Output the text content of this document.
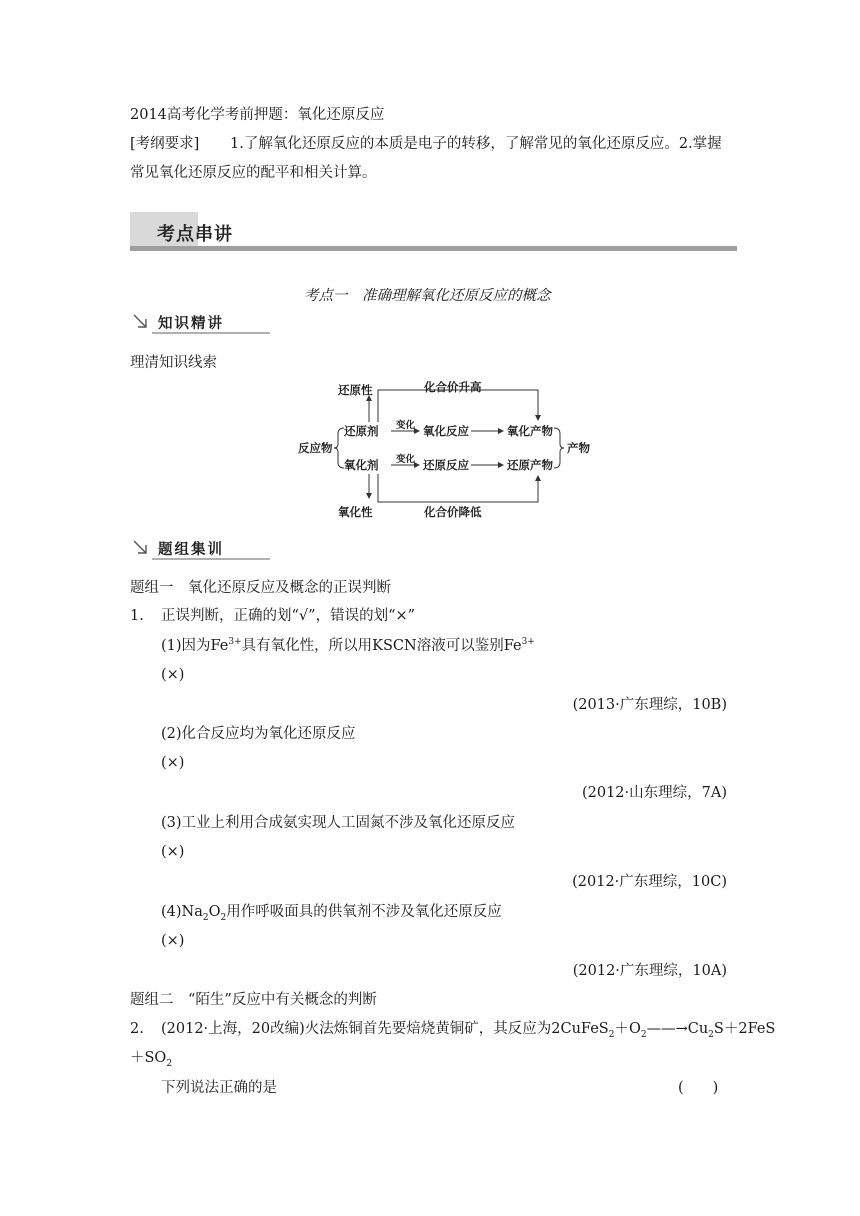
2014高考化学考前押题：氧化还原反应
[考纲要求] 1.了解氧化还原反应的本质是电子的转移，了解常见的氧化还原反应。2.掌握
常见氧化还原反应的配平和相关计算。
考点串讲
考点一　准确理解氧化还原反应的概念
知识精讲
理清知识线索
还原性	化合价升高
反应物
还原剂 变化 氧化反应	氧化产物
产物
氧化剂 变化 还原反应	还原产物
氧化性	化合价降低
题组集训
题组一　氧化还原反应及概念的正误判断
1. 正误判断，正确的划“√”，错误的划“×”
(1)因为$Fe^{3+}$具有氧化性，所以用KSCN溶液可以鉴别$Fe^{3+}$
(×)
(2013·广东理综，10B)
(2)化合反应均为氧化还原反应
(×)
(2012·山东理综，7A)
(3)工业上利用合成氨实现人工固氮不涉及氧化还原反应
(×)
(2012·广东理综，10C)
$(4)Na_2O_2$用作呼吸面具的供氧剂不涉及氧化还原反应
(×)
(2012·广东理综，10A)
题组二　“陌生”反应中有关概念的判断
2. (2012·上海，20改编)火法炼铜首先要焙烧黄铜矿，其反应为$2CuFeS_2+O_2——\to Cu_2S+2FeS$
$+SO_2$
下列说法正确的是	(　　)
